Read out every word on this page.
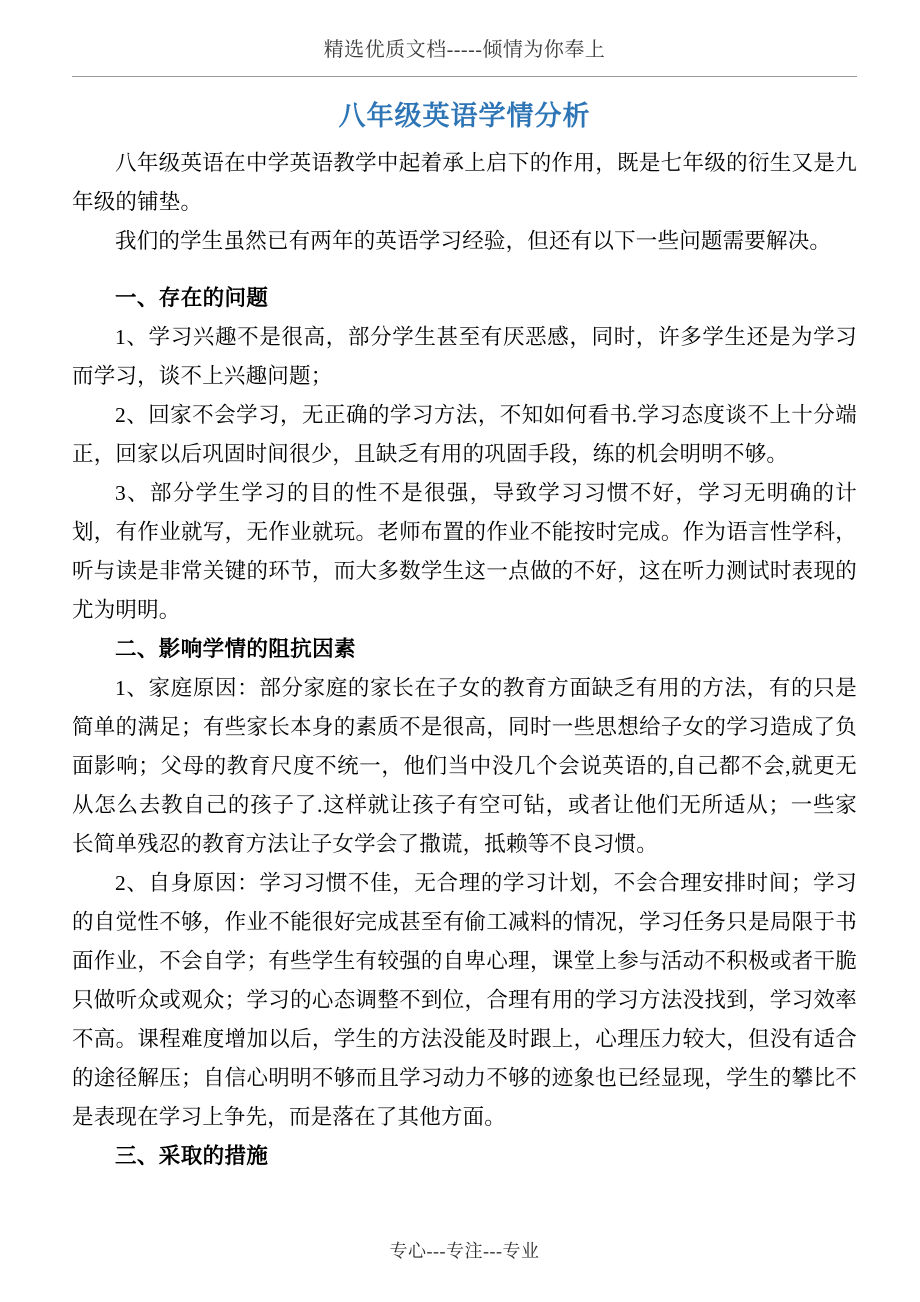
精选优质文档-----倾情为你奉上
八年级英语学情分析

八年级英语在中学英语教学中起着承上启下的作用，既是七年级的衍生又是九年级的铺垫。

我们的学生虽然已有两年的英语学习经验，但还有以下一些问题需要解决。

一、存在的问题

1、学习兴趣不是很高，部分学生甚至有厌恶感，同时，许多学生还是为学习而学习，谈不上兴趣问题；

2、回家不会学习，无正确的学习方法，不知如何看书.学习态度谈不上十分端正，回家以后巩固时间很少，且缺乏有用的巩固手段，练的机会明明不够。

3、部分学生学习的目的性不是很强，导致学习习惯不好，学习无明确的计划，有作业就写，无作业就玩。老师布置的作业不能按时完成。作为语言性学科，听与读是非常关键的环节，而大多数学生这一点做的不好，这在听力测试时表现的尤为明明。

二、影响学情的阻抗因素

1、家庭原因：部分家庭的家长在子女的教育方面缺乏有用的方法，有的只是简单的满足；有些家长本身的素质不是很高，同时一些思想给子女的学习造成了负面影响；父母的教育尺度不统一，他们当中没几个会说英语的,自己都不会,就更无从怎么去教自己的孩子了.这样就让孩子有空可钻，或者让他们无所适从；一些家长简单残忍的教育方法让子女学会了撒谎，抵赖等不良习惯。

2、自身原因：学习习惯不佳，无合理的学习计划，不会合理安排时间；学习的自觉性不够，作业不能很好完成甚至有偷工减料的情况，学习任务只是局限于书面作业，不会自学；有些学生有较强的自卑心理，课堂上参与活动不积极或者干脆只做听众或观众；学习的心态调整不到位，合理有用的学习方法没找到，学习效率不高。课程难度增加以后，学生的方法没能及时跟上，心理压力较大，但没有适合的途径解压；自信心明明不够而且学习动力不够的迹象也已经显现，学生的攀比不是表现在学习上争先，而是落在了其他方面。

三、采取的措施
专心---专注---专业
